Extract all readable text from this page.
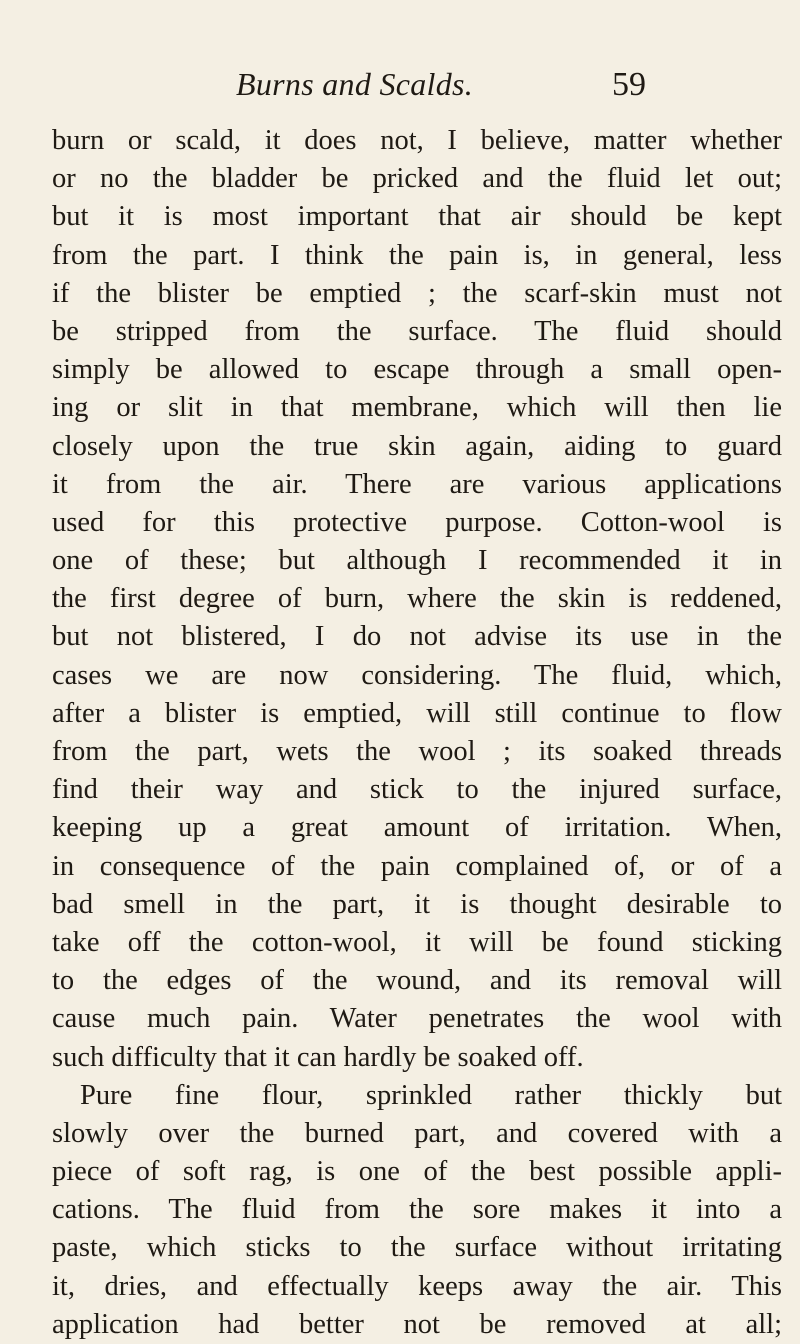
Burns and Scalds.	59
burn or scald, it does not, I believe, matter whether
or no the bladder be pricked and the fluid let out;
but it is most important that air should be kept
from the part. I think the pain is, in general, less
if the blister be emptied ; the scarf-skin must not
be stripped from the surface. The fluid should
simply be allowed to escape through a small open-
ing or slit in that membrane, which will then lie
closely upon the true skin again, aiding to guard
it from the air. There are various applications
used for this protective purpose. Cotton-wool is
one of these; but although I recommended it in
the first degree of burn, where the skin is reddened,
but not blistered, I do not advise its use in the
cases we are now considering. The fluid, which,
after a blister is emptied, will still continue to flow
from the part, wets the wool ; its soaked threads
find their way and stick to the injured surface,
keeping up a great amount of irritation. When,
in consequence of the pain complained of, or of a
bad smell in the part, it is thought desirable to
take off the cotton-wool, it will be found sticking
to the edges of the wound, and its removal will
cause much pain. Water penetrates the wool with
such difficulty that it can hardly be soaked off.
Pure fine flour, sprinkled rather thickly but
slowly over the burned part, and covered with a
piece of soft rag, is one of the best possible appli-
cations. The fluid from the sore makes it into a
paste, which sticks to the surface without irritating
it, dries, and effectually keeps away the air. This
application had better not be removed at all;
